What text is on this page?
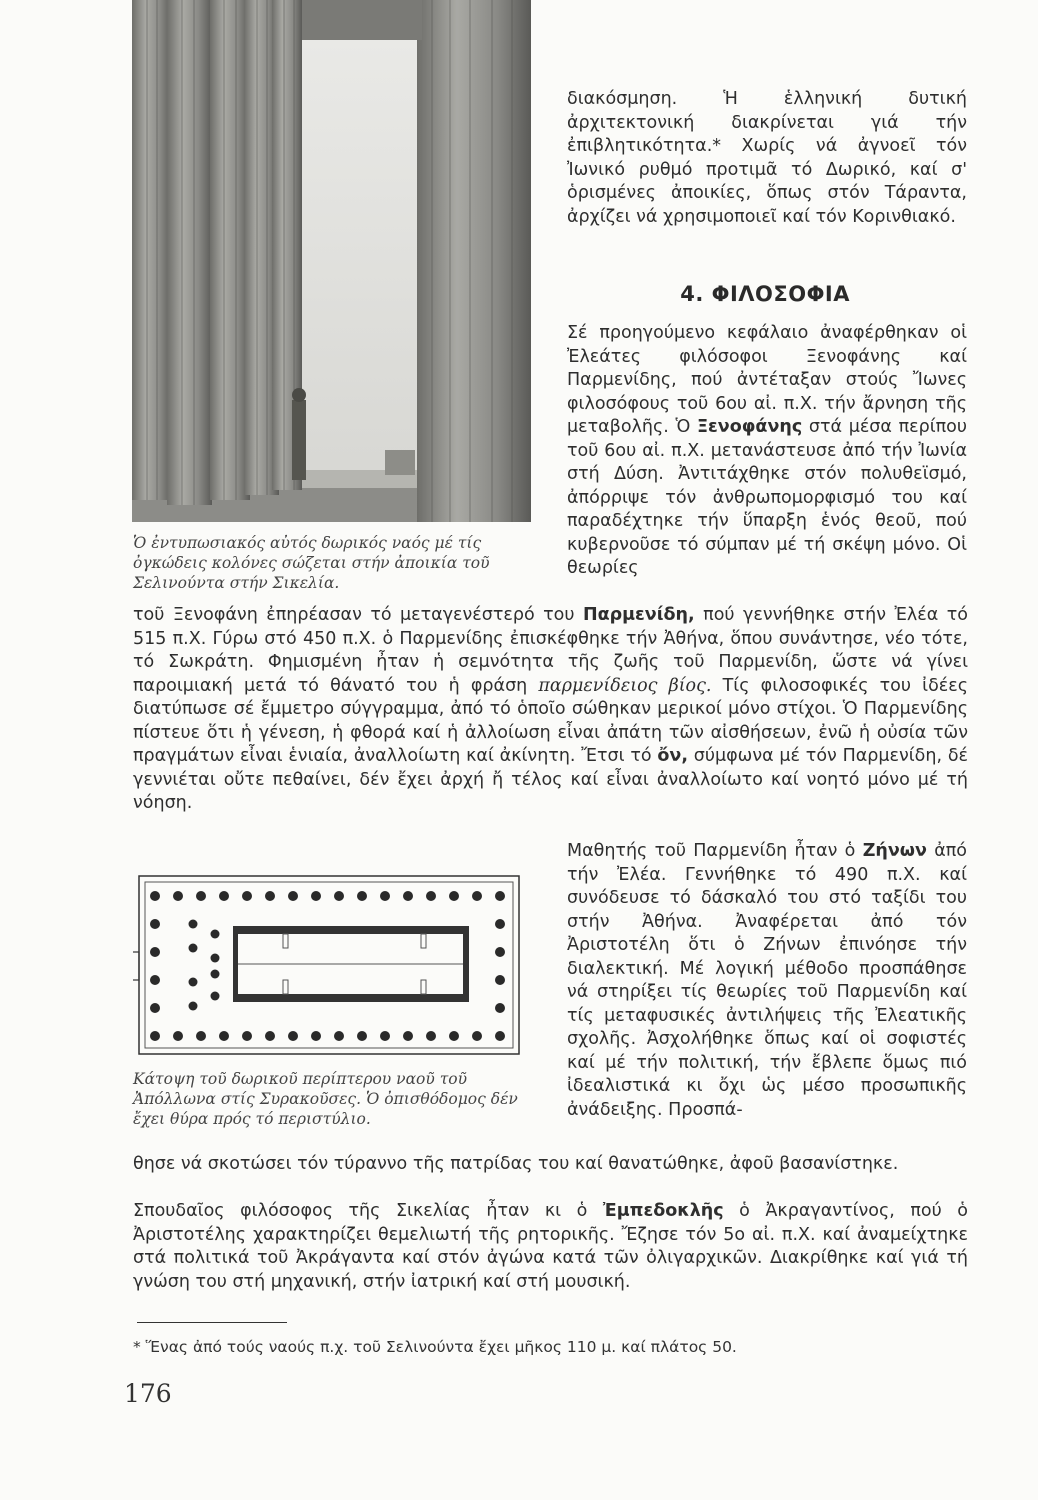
Ὁ ἐντυπωσιακός αὐτός δωρικός ναός μέ τίς ὀγκώδεις κολόνες σώζεται στήν ἀποικία τοῦ Σελινούντα στήν Σικελία.

διακόσμηση. Ἡ ἑλληνική δυτική ἀρχιτεκτονική διακρίνεται γιά τήν ἐπιβλητικότητα.* Χωρίς νά ἀγνοεῖ τόν Ἰωνικό ρυθμό προτιμᾶ τό Δωρικό, καί σ' ὁρισμένες ἀποικίες, ὅπως στόν Τάραντα, ἀρχίζει νά χρησιμοποιεῖ καί τόν Κορινθιακό.

4. ΦΙΛΟΣΟΦΙΑ

Σέ προηγούμενο κεφάλαιο ἀναφέρθηκαν οἱ Ἐλεάτες φιλόσοφοι Ξενοφάνης καί Παρμενίδης, πού ἀντέταξαν στούς Ἴωνες φιλοσόφους τοῦ 6ου αἰ. π.Χ. τήν ἄρνηση τῆς μεταβολῆς. Ὁ Ξενοφάνης στά μέσα περίπου τοῦ 6ου αἰ. π.Χ. μετανάστευσε ἀπό τήν Ἰωνία στή Δύση. Ἀντιτάχθηκε στόν πολυθεϊσμό, ἀπόρριψε τόν ἀνθρωπομορφισμό του καί παραδέχτηκε τήν ὕπαρξη ἑνός θεοῦ, πού κυβερνοῦσε τό σύμπαν μέ τή σκέψη μόνο. Οἱ θεωρίες

τοῦ Ξενοφάνη ἐπηρέασαν τό μεταγενέστερό του Παρμενίδη, πού γεννήθηκε στήν Ἐλέα τό 515 π.Χ. Γύρω στό 450 π.Χ. ὁ Παρμενίδης ἐπισκέφθηκε τήν Ἀθήνα, ὅπου συνάντησε, νέο τότε, τό Σωκράτη. Φημισμένη ἦταν ἡ σεμνότητα τῆς ζωῆς τοῦ Παρμενίδη, ὥστε νά γίνει παροιμιακή μετά τό θάνατό του ἡ φράση παρμενίδειος βίος. Τίς φιλοσοφικές του ἰδέες διατύπωσε σέ ἔμμετρο σύγγραμμα, ἀπό τό ὁποῖο σώθηκαν μερικοί μόνο στίχοι. Ὁ Παρμενίδης πίστευε ὅτι ἡ γένεση, ἡ φθορά καί ἡ ἀλλοίωση εἶναι ἀπάτη τῶν αἰσθήσεων, ἐνῶ ἡ οὐσία τῶν πραγμάτων εἶναι ἑνιαία, ἀναλλοίωτη καί ἀκίνητη. Ἔτσι τό ὄν, σύμφωνα μέ τόν Παρμενίδη, δέ γεννιέται οὔτε πεθαίνει, δέν ἔχει ἀρχή ἤ τέλος καί εἶναι ἀναλλοίωτο καί νοητό μόνο μέ τή νόηση.

Κάτοψη τοῦ δωρικοῦ περίπτερου ναοῦ τοῦ Ἀπόλλωνα στίς Συρακοῦσες. Ὁ ὀπισθόδομος δέν ἔχει θύρα πρός τό περιστύλιο.

Μαθητής τοῦ Παρμενίδη ἦταν ὁ Ζήνων ἀπό τήν Ἐλέα. Γεννήθηκε τό 490 π.Χ. καί συνόδευσε τό δάσκαλό του στό ταξίδι του στήν Ἀθήνα. Ἀναφέρεται ἀπό τόν Ἀριστοτέλη ὅτι ὁ Ζήνων ἐπινόησε τήν διαλεκτική. Μέ λογική μέθοδο προσπάθησε νά στηρίξει τίς θεωρίες τοῦ Παρμενίδη καί τίς μεταφυσικές ἀντιλήψεις τῆς Ἐλεατικῆς σχολῆς. Ἀσχολήθηκε ὅπως καί οἱ σοφιστές καί μέ τήν πολιτική, τήν ἔβλεπε ὅμως πιό ἰδεαλιστικά κι ὄχι ὡς μέσο προσωπικῆς ἀνάδειξης. Προσπά-

θησε νά σκοτώσει τόν τύραννο τῆς πατρίδας του καί θανατώθηκε, ἀφοῦ βασανίστηκε.

Σπουδαῖος φιλόσοφος τῆς Σικελίας ἦταν κι ὁ Ἐμπεδοκλῆς ὁ Ἀκραγαντίνος, πού ὁ Ἀριστοτέλης χαρακτηρίζει θεμελιωτή τῆς ρητορικῆς. Ἔζησε τόν 5ο αἰ. π.Χ. καί ἀναμείχτηκε στά πολιτικά τοῦ Ἀκράγαντα καί στόν ἀγώνα κατά τῶν ὀλιγαρχικῶν. Διακρίθηκε καί γιά τή γνώση του στή μηχανική, στήν ἰατρική καί στή μουσική.

* Ἕνας ἀπό τούς ναούς π.χ. τοῦ Σελινούντα ἔχει μῆκος 110 μ. καί πλάτος 50.
176
